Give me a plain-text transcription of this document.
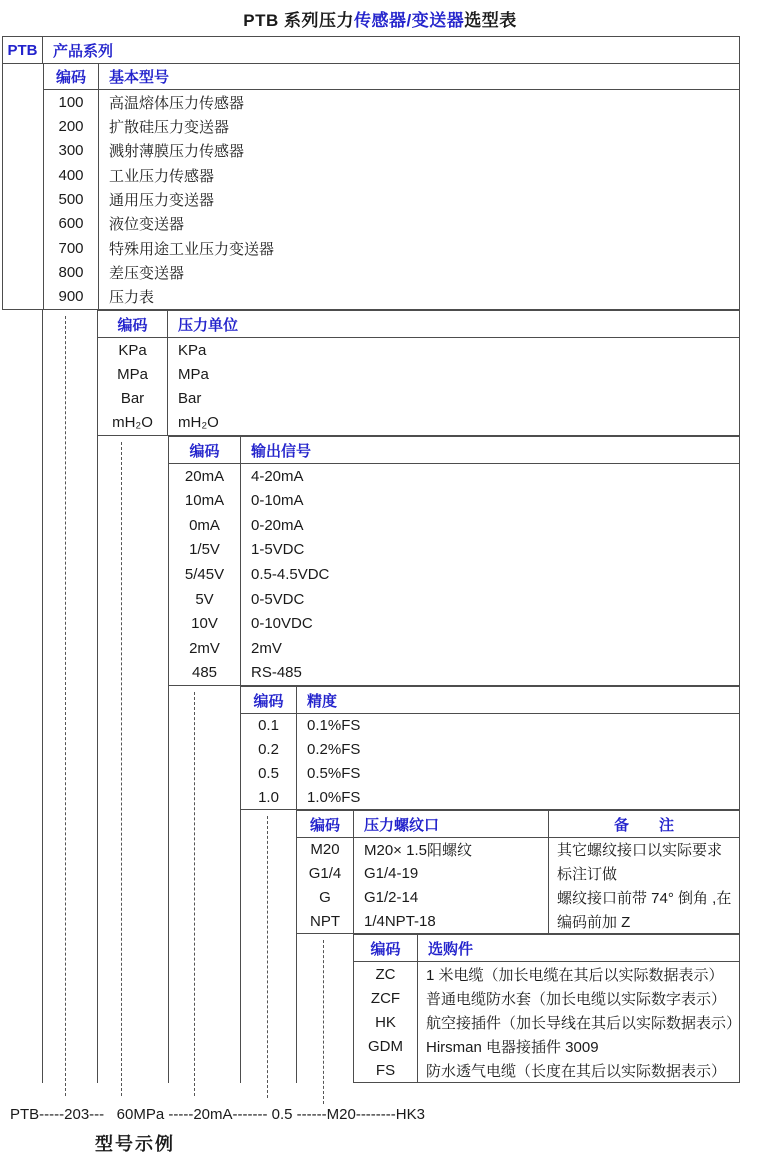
PTB 系列压力传感器/变送器选型表
PTB	产品系列
编码	基本型号
100	高温熔体压力传感器
200	扩散硅压力变送器
300	溅射薄膜压力传感器
400	工业压力传感器
500	通用压力变送器
600	液位变送器
700	特殊用途工业压力变送器
800	差压变送器
900	压力表
编码	压力单位
KPa	KPa
MPa	MPa
Bar	Bar
mH₂O	mH₂O
编码	输出信号
20mA	4-20mA
10mA	0-10mA
0mA	0-20mA
1/5V	1-5VDC
5/45V	0.5-4.5VDC
5V	0-5VDC
10V	0-10VDC
2mV	2mV
485	RS-485
编码	精度
0.1	0.1%FS
0.2	0.2%FS
0.5	0.5%FS
1.0	1.0%FS
编码	压力螺纹口	备　　注
M20	M20× 1.5阳螺纹	其它螺纹接口以实际要求
G1/4	G1/4-19	标注订做
G	G1/2-14	螺纹接口前带 74° 倒角 ,在
NPT	1/4NPT-18	编码前加 Z
编码	选购件
ZC	1 米电缆（加长电缆在其后以实际数据表示）
ZCF	普通电缆防水套（加长电缆以实际数字表示）
HK	航空接插件（加长导线在其后以实际数据表示）
GDM	Hirsman 电器接插件 3009
FS	防水透气电缆（长度在其后以实际数据表示）
PTB-----203---   60MPa -----20mA------- 0.5 ------M20--------HK3
型号示例
